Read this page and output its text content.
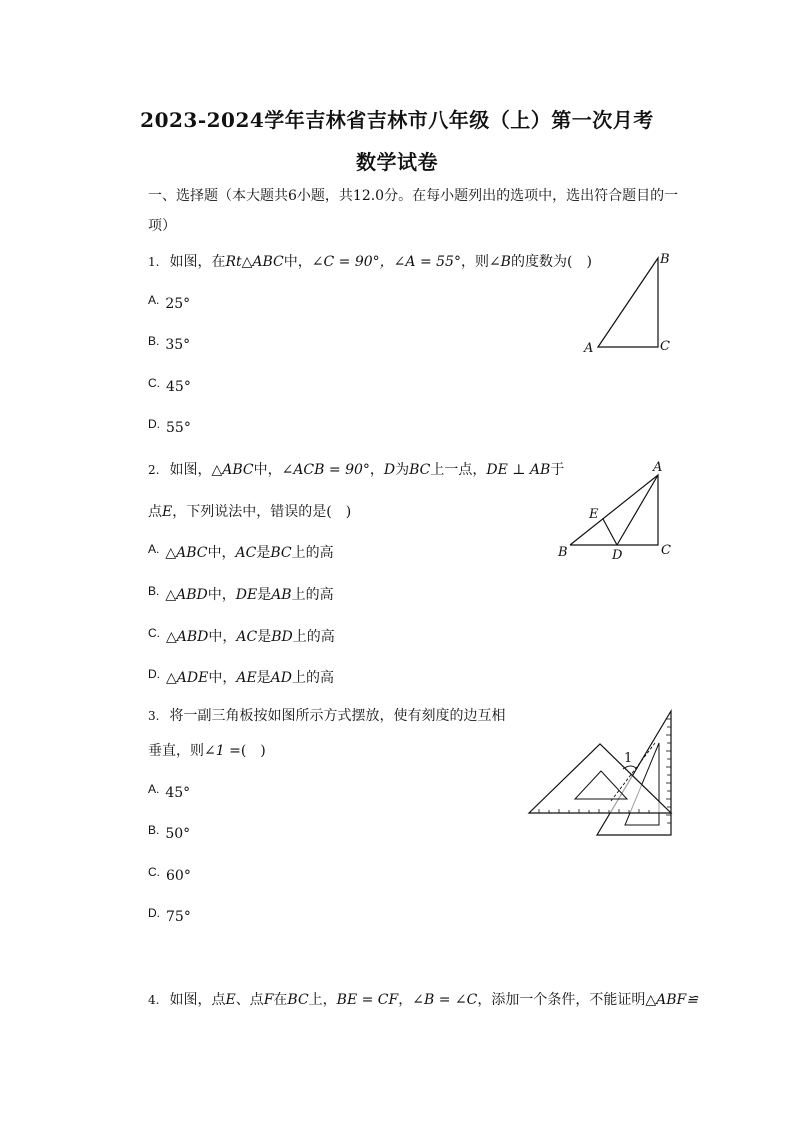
2023-2024学年吉林省吉林市八年级（上）第一次月考
数学试卷
一、选择题（本大题共6小题，共12.0分。在每小题列出的选项中，选出符合题目的一项）
1. 如图，在Rt△ABC中，∠C = 90°，∠A = 55°，则∠B的度数为(　)
A. 25°
B. 35°
C. 45°
D. 55°
B
A	C
2. 如图，△ABC中，∠ACB = 90°，D为BC上一点，DE ⊥ AB于
点E，下列说法中，错误的是(　)
A. △ABC中，AC是BC上的高
B. △ABD中，DE是AB上的高
C. △ABD中，AC是BD上的高
D. △ADE中，AE是AD上的高
A
E
B	D	C
3. 将一副三角板按如图所示方式摆放，使有刻度的边互相
垂直，则∠1 =(　)
A. 45°
B. 50°
C. 60°
D. 75°
1
4. 如图，点E、点F在BC上，BE = CF，∠B = ∠C，添加一个条件，不能证明△ABF≌
